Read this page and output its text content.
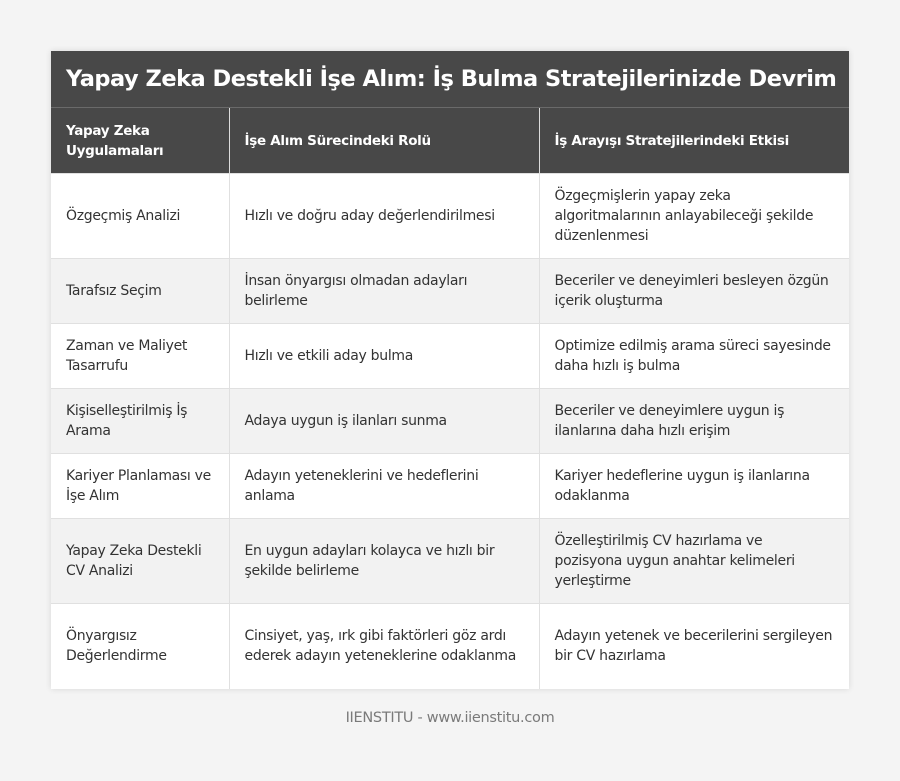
Yapay Zeka Destekli İşe Alım: İş Bulma Stratejilerinizde Devrim
Yapay Zeka Uygulamaları	İşe Alım Sürecindeki Rolü	İş Arayışı Stratejilerindeki Etkisi
Özgeçmiş Analizi	Hızlı ve doğru aday değerlendirilmesi	Özgeçmişlerin yapay zeka algoritmalarının anlayabileceği şekilde düzenlenmesi
Tarafsız Seçim	İnsan önyargısı olmadan adayları belirleme	Beceriler ve deneyimleri besleyen özgün içerik oluşturma
Zaman ve Maliyet Tasarrufu	Hızlı ve etkili aday bulma	Optimize edilmiş arama süreci sayesinde daha hızlı iş bulma
Kişiselleştirilmiş İş Arama	Adaya uygun iş ilanları sunma	Beceriler ve deneyimlere uygun iş ilanlarına daha hızlı erişim
Kariyer Planlaması ve İşe Alım	Adayın yeteneklerini ve hedeflerini anlama	Kariyer hedeflerine uygun iş ilanlarına odaklanma
Yapay Zeka Destekli CV Analizi	En uygun adayları kolayca ve hızlı bir şekilde belirleme	Özelleştirilmiş CV hazırlama ve pozisyona uygun anahtar kelimeleri yerleştirme
Önyargısız Değerlendirme	Cinsiyet, yaş, ırk gibi faktörleri göz ardı ederek adayın yeteneklerine odaklanma	Adayın yetenek ve becerilerini sergileyen bir CV hazırlama
IIENSTITU - www.iienstitu.com
